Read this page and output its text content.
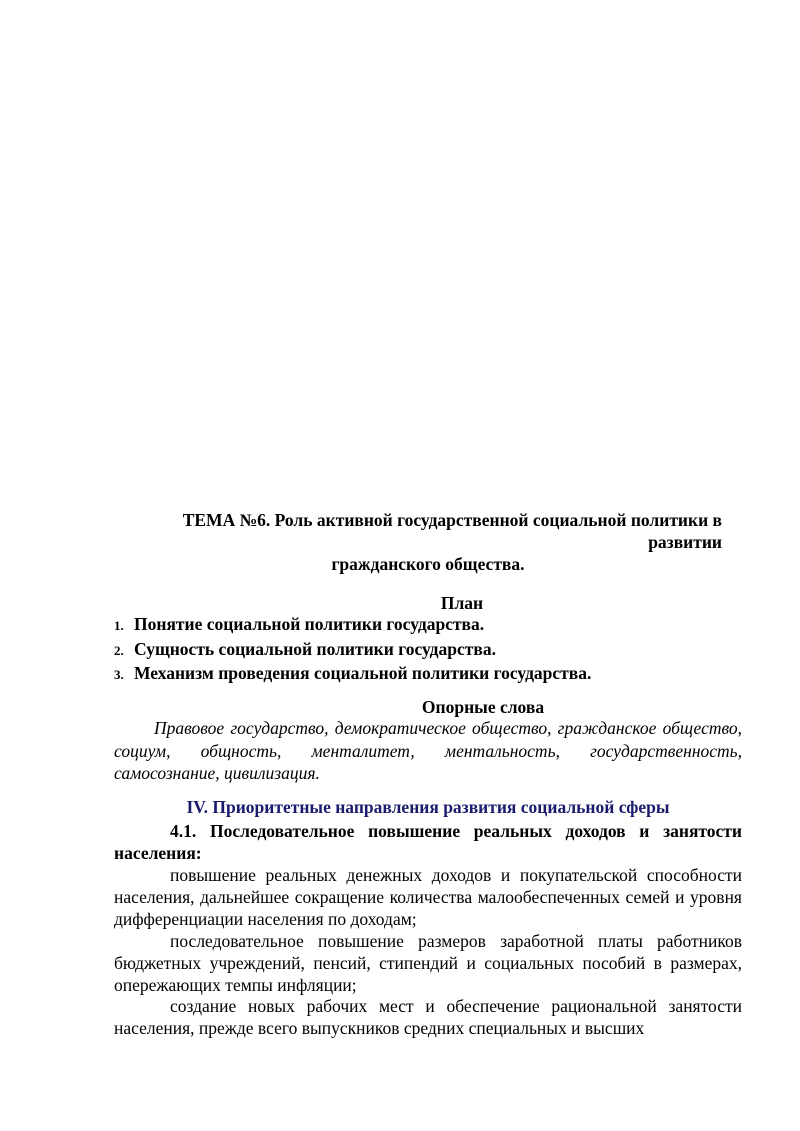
ТЕМА №6. Роль активной государственной социальной политики в
развитии
гражданского общества.
План
1. Понятие социальной политики государства.
2. Сущность социальной политики государства.
3. Механизм проведения социальной политики государства.
Опорные слова

Правовое государство, демократическое общество, гражданское общество, социум, общность, менталитет, ментальность, государственность, самосознание, цивилизация.

IV. Приоритетные направления развития социальной сферы

4.1. Последовательное повышение реальных доходов и занятости населения:

повышение реальных денежных доходов и покупательской способности населения, дальнейшее сокращение количества малообеспеченных семей и уровня дифференциации населения по доходам;

последовательное повышение размеров заработной платы работников бюджетных учреждений, пенсий, стипендий и социальных пособий в размерах, опережающих темпы инфляции;

создание новых рабочих мест и обеспечение рациональной занятости населения, прежде всего выпускников средних специальных и высших
